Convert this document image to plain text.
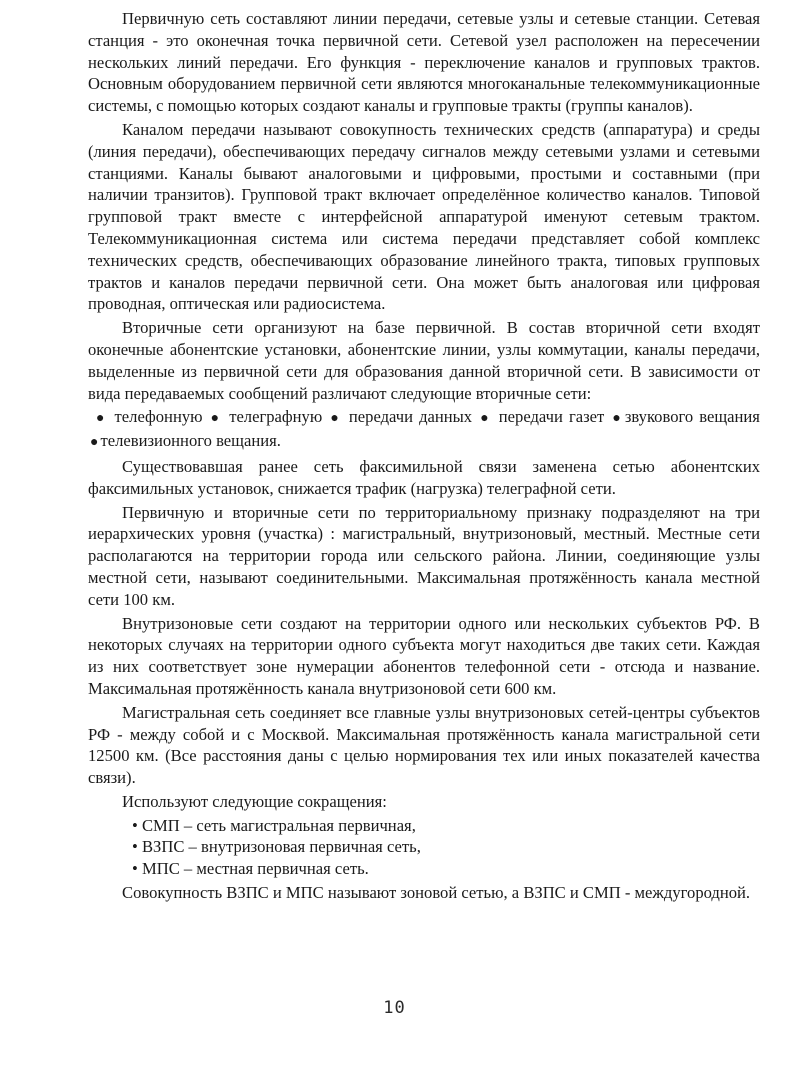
Первичную сеть составляют линии передачи, сетевые узлы и сетевые станции. Сетевая станция - это оконечная точка первичной сети. Сетевой узел расположен на пересечении нескольких линий передачи. Его функция - переключение каналов и групповых трактов. Основным оборудованием первичной сети являются многоканальные телекоммуникационные системы, с помощью которых создают каналы и групповые тракты (группы каналов).

Каналом передачи называют совокупность технических средств (аппаратура) и среды (линия передачи), обеспечивающих передачу сигналов между сетевыми узлами и сетевыми станциями. Каналы бывают аналоговыми и цифровыми, простыми и составными (при наличии транзитов). Групповой тракт включает определённое количество каналов. Типовой групповой тракт вместе с интерфейсной аппаратурой именуют сетевым трактом. Телекоммуникационная система или система передачи представляет собой комплекс технических средств, обеспечивающих образование линейного тракта, типовых групповых трактов и каналов передачи первичной сети. Она может быть аналоговая или цифровая проводная, оптическая или радиосистема.

Вторичные сети организуют на базе первичной. В состав вторичной сети входят оконечные абонентские установки, абонентские линии, узлы коммутации, каналы передачи, выделенные из первичной сети для образования данной вторичной сети. В зависимости от вида передаваемых сообщений различают следующие вторичные сети:

● телефонную ● телеграфную ● передачи данных ● передачи газет ● звукового вещания ● телевизионного вещания.

Существовавшая ранее сеть факсимильной связи заменена сетью абонентских факсимильных установок, снижается трафик (нагрузка) телеграфной сети.

Первичную и вторичные сети по территориальному признаку подразделяют на три иерархических уровня (участка) : магистральный, внутризоновый, местный. Местные сети располагаются на территории города или сельского района. Линии, соединяющие узлы местной сети, называют соединительными. Максимальная протяжённость канала местной сети 100 км.

Внутризоновые сети создают на территории одного или нескольких субъектов РФ. В некоторых случаях на территории одного субъекта могут находиться две таких сети. Каждая из них соответствует зоне нумерации абонентов телефонной сети - отсюда и название. Максимальная протяжённость канала внутризоновой сети 600 км.

Магистральная сеть соединяет все главные узлы внутризоновых сетей-центры субъектов РФ - между собой и с Москвой. Максимальная протяжённость канала магистральной сети 12500 км. (Все расстояния даны с целью нормирования тех или иных показателей качества связи).

Используют следующие сокращения:

• СМП – сеть магистральная первичная,
• ВЗПС – внутризоновая первичная сеть,
• МПС – местная первичная сеть.

Совокупность ВЗПС и МПС называют зоновой сетью, а ВЗПС и СМП - междугородной.

10
